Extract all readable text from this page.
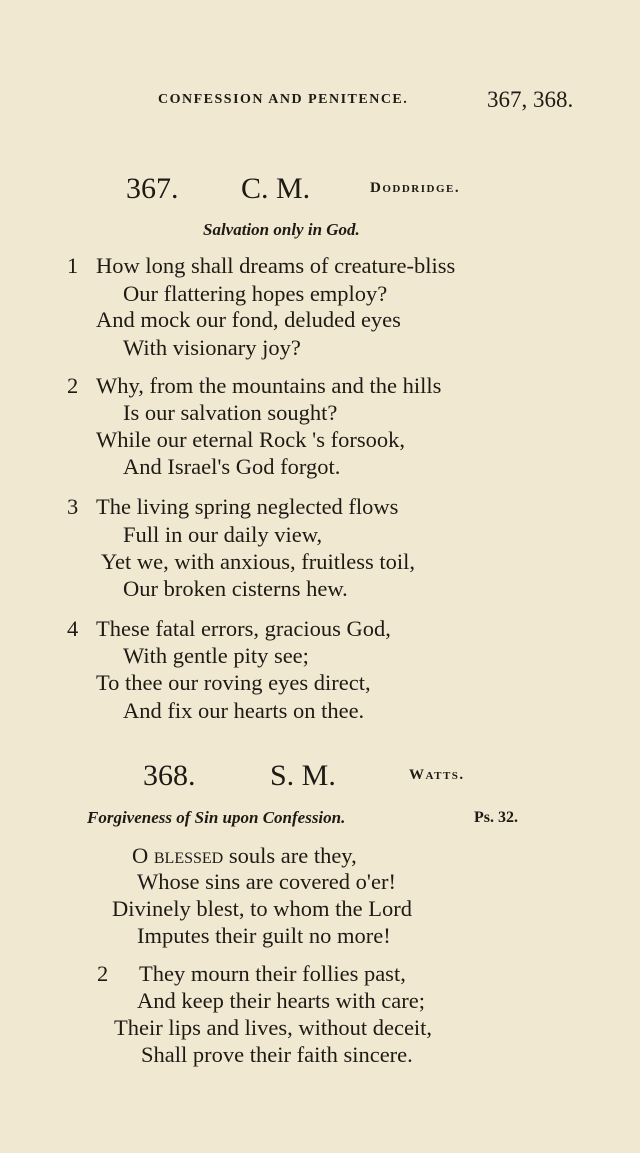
CONFESSION AND PENITENCE.	367, 368.
367. C. M.	Doddridge.
Salvation only in God.
1 How long shall dreams of creature-bliss
Our flattering hopes employ?
And mock our fond, deluded eyes
With visionary joy?
2 Why, from the mountains and the hills
Is our salvation sought?
While our eternal Rock 's forsook,
And Israel's God forgot.
3 The living spring neglected flows
Full in our daily view,
Yet we, with anxious, fruitless toil,
Our broken cisterns hew.
4 These fatal errors, gracious God,
With gentle pity see;
To thee our roving eyes direct,
And fix our hearts on thee.
368. S. M.	Watts.
Forgiveness of Sin upon Confession.	Ps. 32.
O blessed souls are they,
Whose sins are covered o'er!
Divinely blest, to whom the Lord
Imputes their guilt no more!
2 They mourn their follies past,
And keep their hearts with care;
Their lips and lives, without deceit,
Shall prove their faith sincere.
